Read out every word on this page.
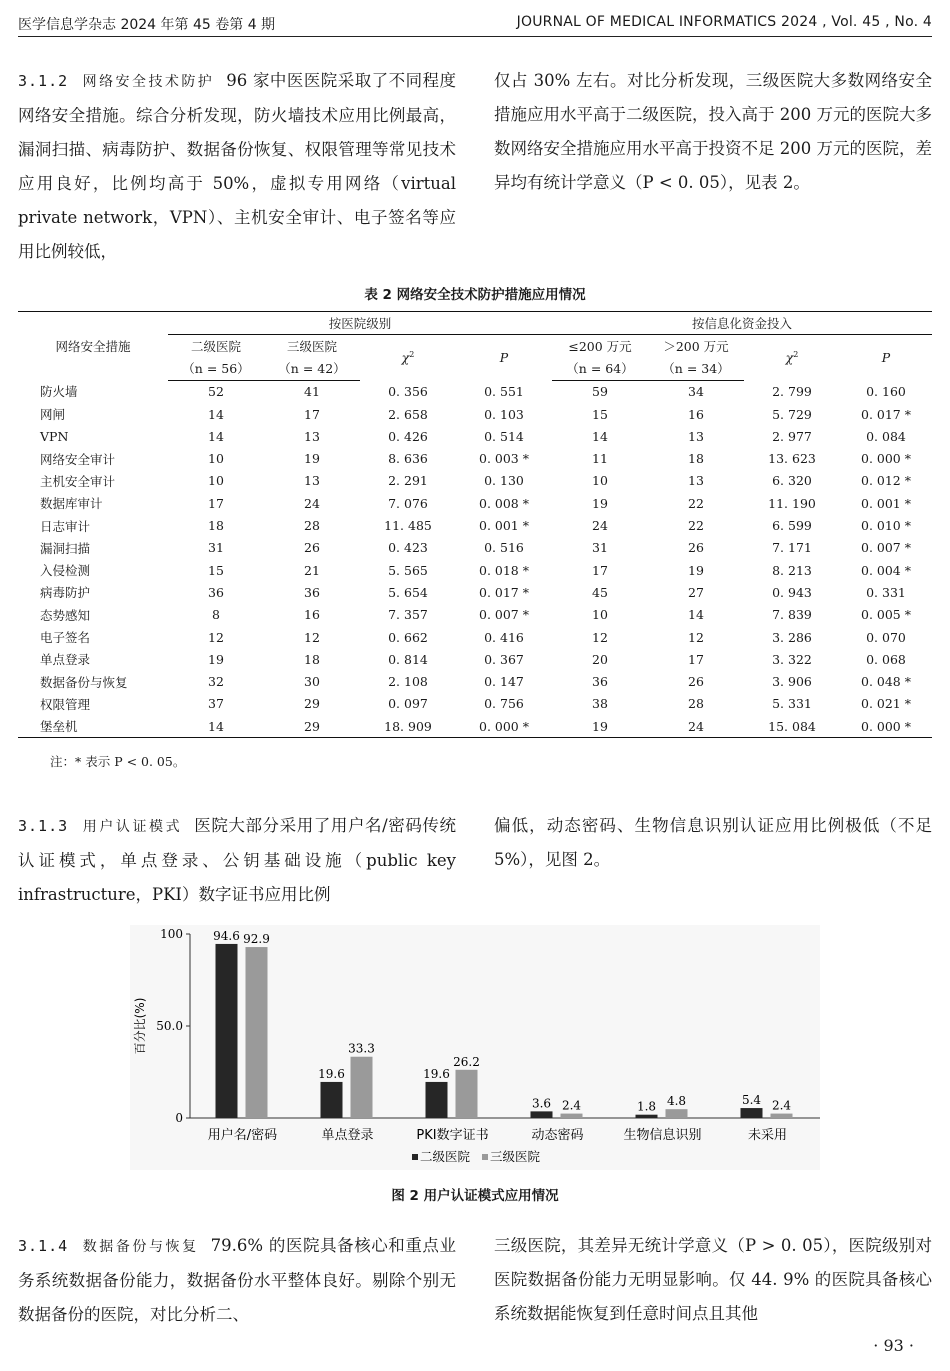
医学信息学杂志 2024 年第 45 卷第 4 期	JOURNAL OF MEDICAL INFORMATICS 2024 , Vol. 45 , No. 4
3.1.2 网络安全技术防护 96 家中医医院采取了不同程度网络安全措施。综合分析发现，防火墙技术应用比例最高，漏洞扫描、病毒防护、数据备份恢复、权限管理等常见技术应用良好，比例均高于 50%，虚拟专用网络（virtual private network，VPN）、主机安全审计、电子签名等应用比例较低，
仅占 30% 左右。对比分析发现，三级医院大多数网络安全措施应用水平高于二级医院，投入高于 200 万元的医院大多数网络安全措施应用水平高于投资不足 200 万元的医院，差异均有统计学意义（P < 0. 05），见表 2。
表 2 网络安全技术防护措施应用情况
网络安全措施	按医院级别				按信息化资金投入			
	二级医院	三级医院	$\chi^2$	P	≤200 万元	＞200 万元	$\chi^2$	P
	（n = 56）	（n = 42）			（n = 64）	（n = 34）		
防火墙	52	41	0. 356	0. 551	59	34	2. 799	0. 160
网闸	14	17	2. 658	0. 103	15	16	5. 729	0. 017 *
VPN	14	13	0. 426	0. 514	14	13	2. 977	0. 084
网络安全审计	10	19	8. 636	0. 003 *	11	18	13. 623	0. 000 *
主机安全审计	10	13	2. 291	0. 130	10	13	6. 320	0. 012 *
数据库审计	17	24	7. 076	0. 008 *	19	22	11. 190	0. 001 *
日志审计	18	28	11. 485	0. 001 *	24	22	6. 599	0. 010 *
漏洞扫描	31	26	0. 423	0. 516	31	26	7. 171	0. 007 *
入侵检测	15	21	5. 565	0. 018 *	17	19	8. 213	0. 004 *
病毒防护	36	36	5. 654	0. 017 *	45	27	0. 943	0. 331
态势感知	8	16	7. 357	0. 007 *	10	14	7. 839	0. 005 *
电子签名	12	12	0. 662	0. 416	12	12	3. 286	0. 070
单点登录	19	18	0. 814	0. 367	20	17	3. 322	0. 068
数据备份与恢复	32	30	2. 108	0. 147	36	26	3. 906	0. 048 *
权限管理	37	29	0. 097	0. 756	38	28	5. 331	0. 021 *
堡垒机	14	29	18. 909	0. 000 *	19	24	15. 084	0. 000 *
注：* 表示 P < 0. 05。
3.1.3 用户认证模式 医院大部分采用了用户名/密码传统认证模式，单点登录、公钥基础设施（public key infrastructure，PKI）数字证书应用比例
偏低，动态密码、生物信息识别认证应用比例极低（不足 5%），见图 2。
0
50.0
100
百分比(%)
94.6 92.9
用户名/密码
19.6
33.3
单点登录
19.6
26.2
PKI数字证书
3.6 2.4
动态密码
1.8 4.8
生物信息识别
5.4 2.4
未采用
二级医院 三级医院
图 2 用户认证模式应用情况
3.1.4 数据备份与恢复 79.6% 的医院具备核心和重点业务系统数据备份能力，数据备份水平整体良好。剔除个别无数据备份的医院，对比分析二、
三级医院，其差异无统计学意义（P > 0. 05），医院级别对医院数据备份能力无明显影响。仅 44. 9% 的医院具备核心系统数据能恢复到任意时间点且其他
· 93 ·
